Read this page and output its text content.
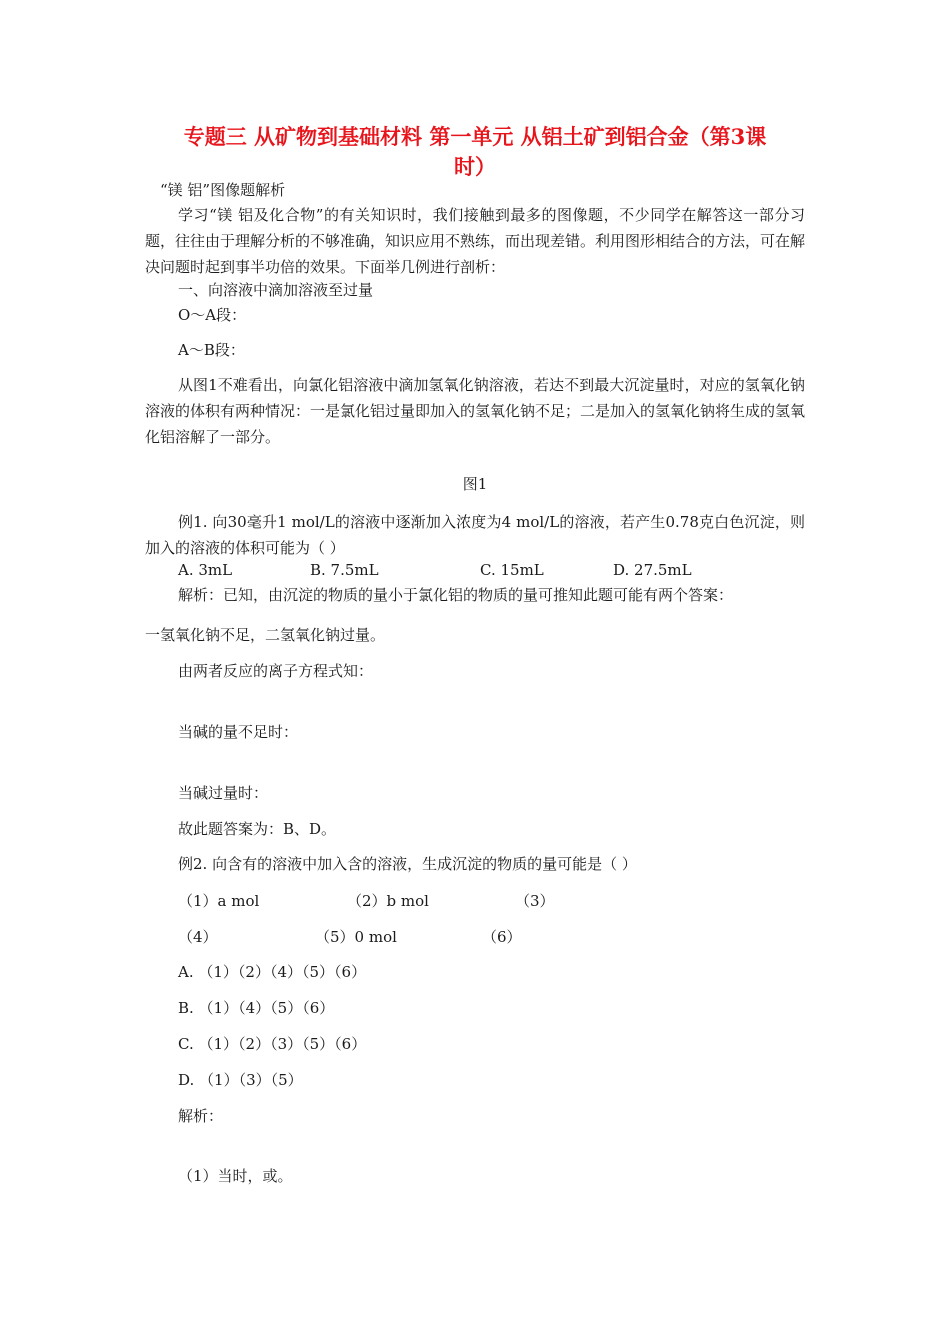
专题三 从矿物到基础材料 第一单元 从铝土矿到铝合金（第3课
时）

“镁 铝”图像题解析

学习“镁 铝及化合物”的有关知识时，我们接触到最多的图像题，不少同学在解答这一部分习题，往往由于理解分析的不够准确，知识应用不熟练，而出现差错。利用图形相结合的方法，可在解决问题时起到事半功倍的效果。下面举几例进行剖析：

一、向溶液中滴加溶液至过量

O～A段：

A～B段：

从图1不难看出，向氯化铝溶液中滴加氢氧化钠溶液，若达不到最大沉淀量时，对应的氢氧化钠溶液的体积有两种情况：一是氯化铝过量即加入的氢氧化钠不足；二是加入的氢氧化钠将生成的氢氧化铝溶解了一部分。

图1

例1. 向30毫升1 mol/L的溶液中逐渐加入浓度为4 mol/L的溶液，若产生0.78克白色沉淀，则加入的溶液的体积可能为（ ）

A. 3mL	B. 7.5mL	C. 15mL	D. 27.5mL

解析：已知，由沉淀的物质的量小于氯化铝的物质的量可推知此题可能有两个答案：

一氢氧化钠不足，二氢氧化钠过量。

由两者反应的离子方程式知：

当碱的量不足时：

当碱过量时：

故此题答案为：B、D。

例2. 向含有的溶液中加入含的溶液，生成沉淀的物质的量可能是（ ）

（1）a mol	（2）b mol	（3）
（4）	（5）0 mol	（6）

A. （1）（2）（4）（5）（6）

B. （1）（4）（5）（6）

C. （1）（2）（3）（5）（6）

D. （1）（3）（5）

解析：

（1）当时，或。
